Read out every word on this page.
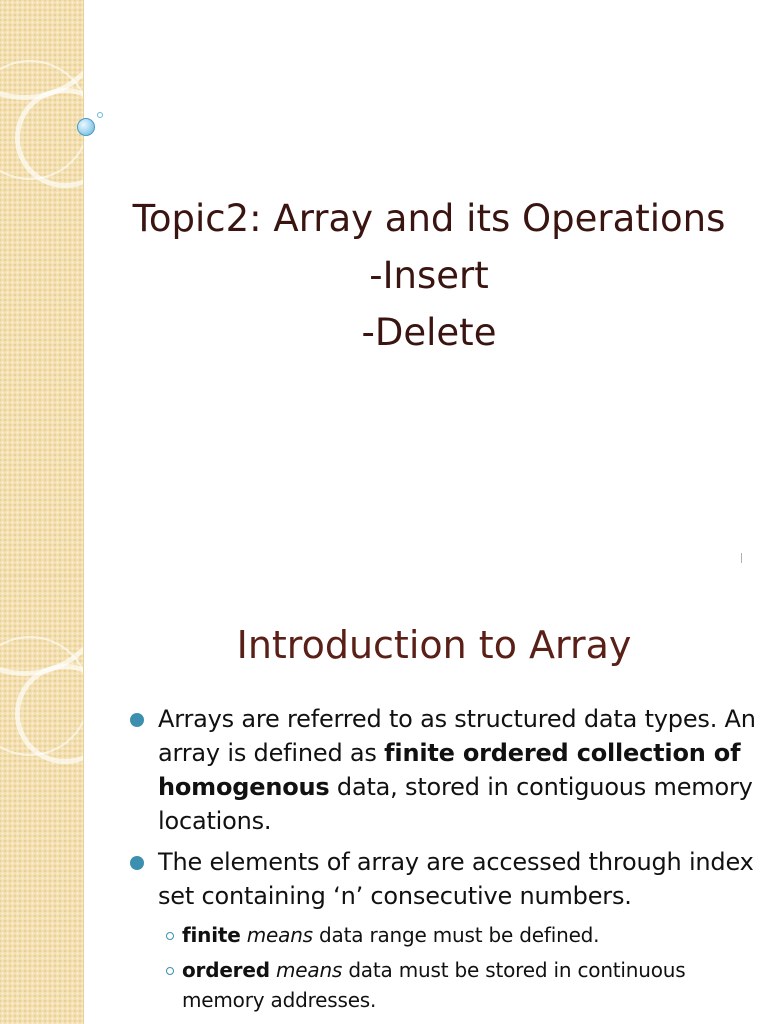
Topic2: Array and its Operations
-Insert
-Delete
Introduction to Array
Arrays are referred to as structured data types. An array is defined as finite ordered collection of homogenous data, stored in contiguous memory locations.
The elements of array are accessed through index set containing ‘n’ consecutive numbers.
finite means data range must be defined.
ordered means data must be stored in continuous memory addresses.
